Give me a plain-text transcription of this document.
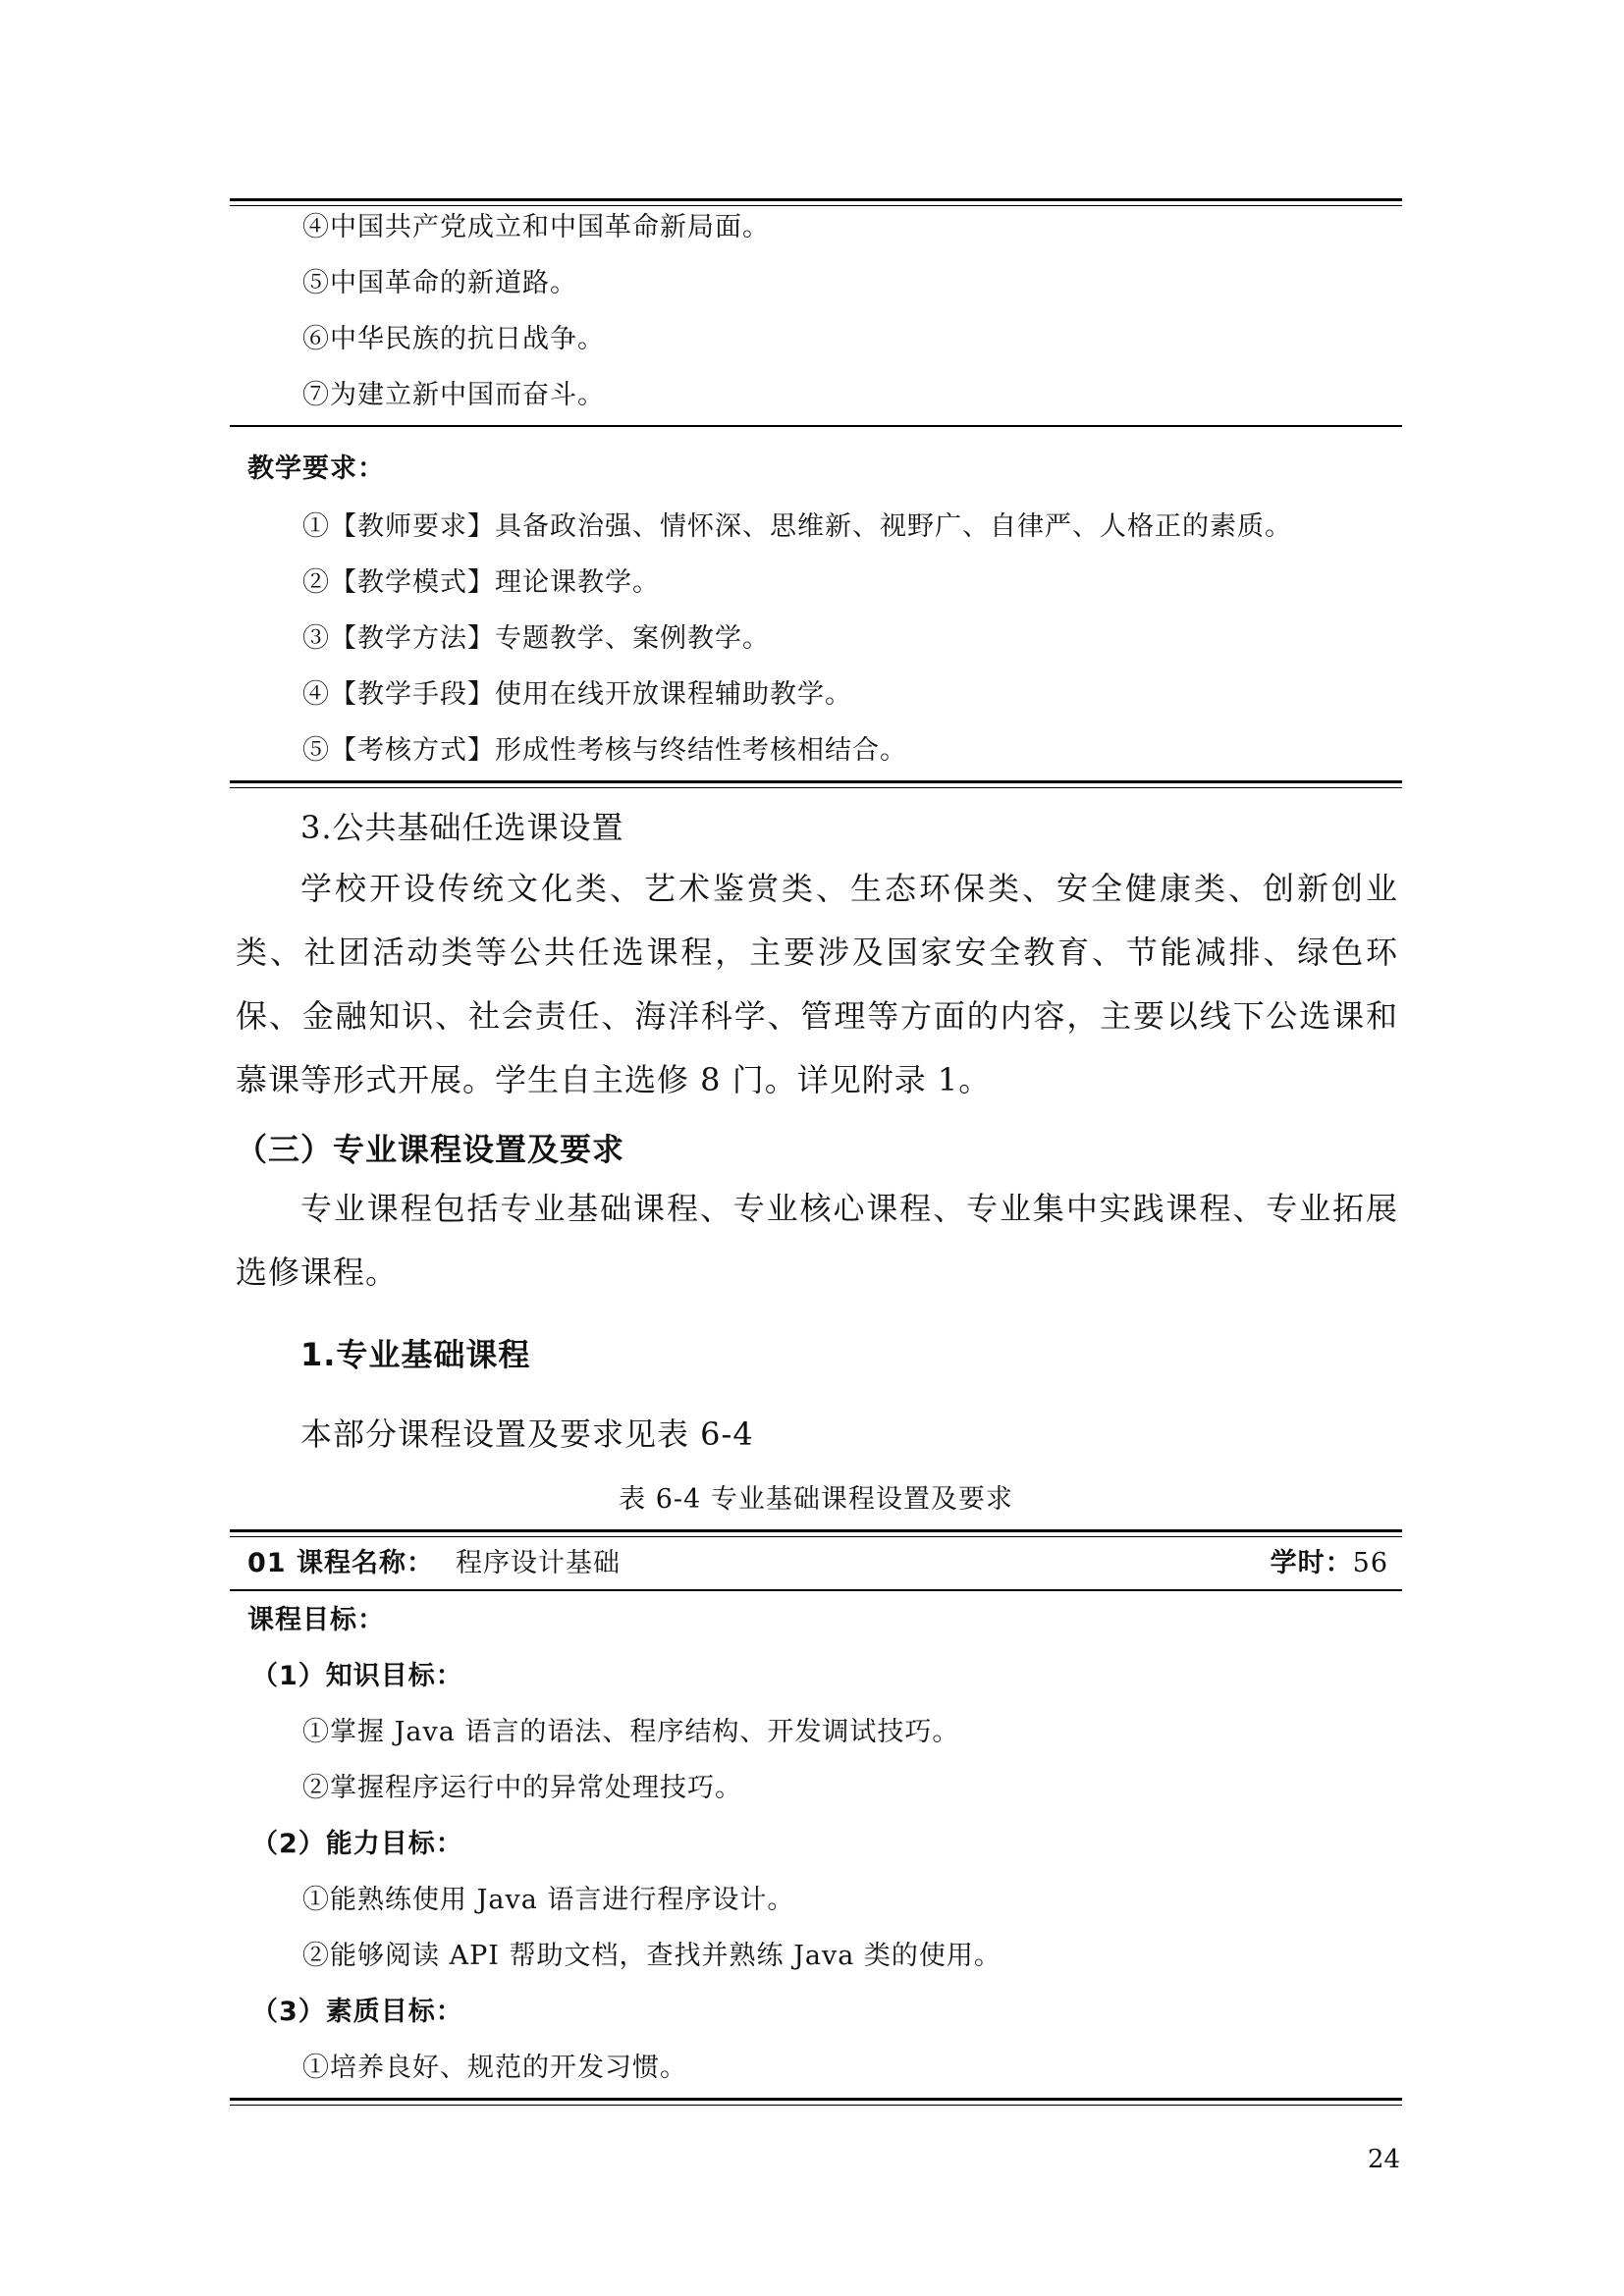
④中国共产党成立和中国革命新局面。
⑤中国革命的新道路。
⑥中华民族的抗日战争。
⑦为建立新中国而奋斗。
教学要求：
①【教师要求】具备政治强、情怀深、思维新、视野广、自律严、人格正的素质。
②【教学模式】理论课教学。
③【教学方法】专题教学、案例教学。
④【教学手段】使用在线开放课程辅助教学。
⑤【考核方式】形成性考核与终结性考核相结合。
3.公共基础任选课设置
学校开设传统文化类、艺术鉴赏类、生态环保类、安全健康类、创新创业类、社团活动类等公共任选课程，主要涉及国家安全教育、节能减排、绿色环保、金融知识、社会责任、海洋科学、管理等方面的内容，主要以线下公选课和慕课等形式开展。学生自主选修 8 门。详见附录 1。
（三）专业课程设置及要求
专业课程包括专业基础课程、专业核心课程、专业集中实践课程、专业拓展选修课程。
1.专业基础课程
本部分课程设置及要求见表 6-4
表 6-4 专业基础课程设置及要求
01 课程名称： 程序设计基础	学时：56
课程目标：
（1）知识目标：
①掌握 Java 语言的语法、程序结构、开发调试技巧。
②掌握程序运行中的异常处理技巧。
（2）能力目标：
①能熟练使用 Java 语言进行程序设计。
②能够阅读 API 帮助文档，查找并熟练 Java 类的使用。
（3）素质目标：
①培养良好、规范的开发习惯。
24
